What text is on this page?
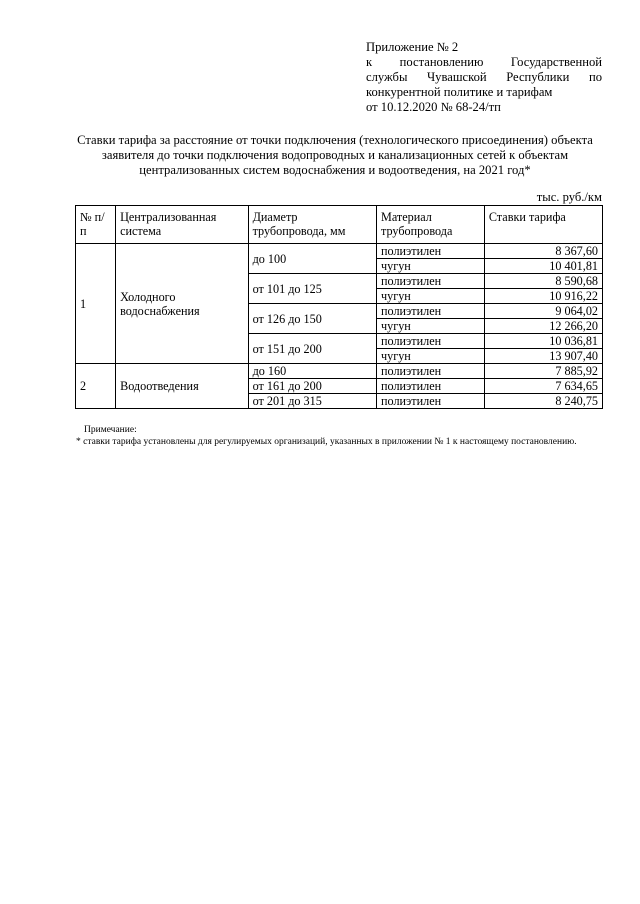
Приложение № 2
к постановлению Государственной
службы Чувашской Республики по
конкурентной политике и тарифам
от 10.12.2020 № 68-24/тп
Ставки тарифа за расстояние от точки подключения (технологического присоединения) объекта заявителя до точки подключения водопроводных и канализационных сетей к объектам централизованных систем водоснабжения и водоотведения, на 2021 год*
тыс. руб./км
№ п/п	Централизованная система	Диаметр трубопровода, мм	Материал трубопровода	Ставки тарифа
1	Холодного водоснабжения	до 100	полиэтилен	8 367,60
			чугун	10 401,81
		от 101 до 125	полиэтилен	8 590,68
			чугун	10 916,22
		от 126 до 150	полиэтилен	9 064,02
			чугун	12 266,20
		от 151 до 200	полиэтилен	10 036,81
			чугун	13 907,40
2	Водоотведения	до 160	полиэтилен	7 885,92
		от 161 до 200	полиэтилен	7 634,65
		от 201 до 315	полиэтилен	8 240,75
Примечание:
* ставки тарифа установлены для регулируемых организаций, указанных в приложении № 1 к настоящему постановлению.
